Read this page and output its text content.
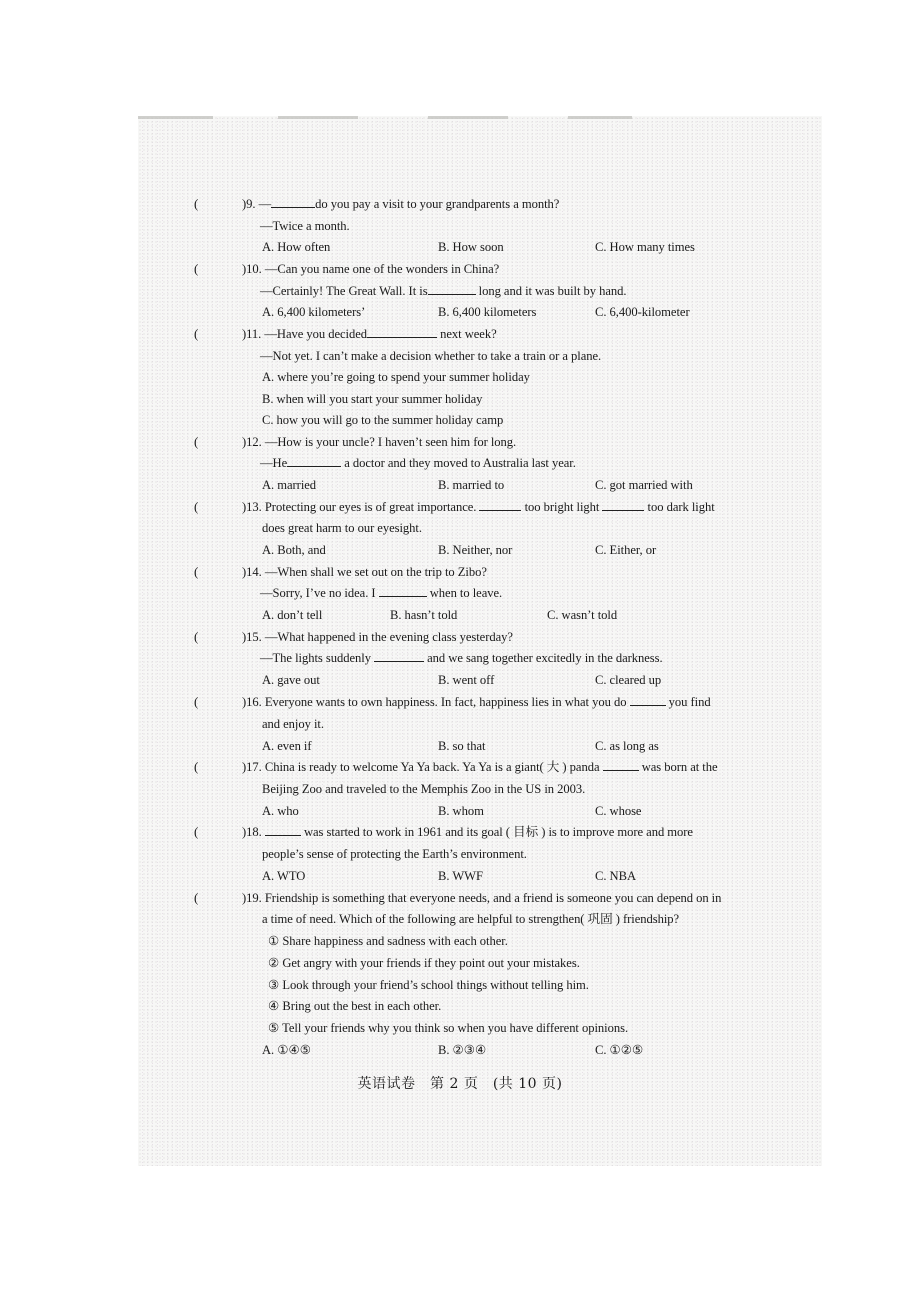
(	)9. —	do you pay a visit to your grandparents a month?
—Twice a month.
A. How often	B. How soon	C. How many times
(	)10. —Can you name one of the wonders in China?
—Certainly! The Great Wall. It is	long and it was built by hand.
A. 6,400 kilometers’	B. 6,400 kilometers	C. 6,400-kilometer
(	)11. —Have you decided	next week?
—Not yet. I can’t make a decision whether to take a train or a plane.
A. where you’re going to spend your summer holiday
B. when will you start your summer holiday
C. how you will go to the summer holiday camp
(	)12. —How is your uncle? I haven’t seen him for long.
—He	a doctor and they moved to Australia last year.
A. married	B. married to	C. got married with
(	)13. Protecting our eyes is of great importance.	too bright light	too dark light
does great harm to our eyesight.
A. Both, and	B. Neither, nor	C. Either, or
(	)14. —When shall we set out on the trip to Zibo?
—Sorry, I’ve no idea. I	when to leave.
A. don’t tell	B. hasn’t told	C. wasn’t told
(	)15. —What happened in the evening class yesterday?
—The lights suddenly	and we sang together excitedly in the darkness.
A. gave out	B. went off	C. cleared up
(	)16. Everyone wants to own happiness. In fact, happiness lies in what you do	you find
and enjoy it.
A. even if	B. so that	C. as long as
(	)17. China is ready to welcome Ya Ya back. Ya Ya is a giant( 大 ) panda	was born at the
Beijing Zoo and traveled to the Memphis Zoo in the US in 2003.
A. who	B. whom	C. whose
(	)18.	was started to work in 1961 and its goal ( 目标 ) is to improve more and more
people’s sense of protecting the Earth’s environment.
A. WTO	B. WWF	C. NBA
(	)19. Friendship is something that everyone needs, and a friend is someone you can depend on in
a time of need. Which of the following are helpful to strengthen( 巩固 ) friendship?
① Share happiness and sadness with each other.
② Get angry with your friends if they point out your mistakes.
③ Look through your friend’s school things without telling him.
④ Bring out the best in each other.
⑤ Tell your friends why you think so when you have different opinions.
A. ①④⑤	B. ②③④	C. ①②⑤
英语试卷　第 2 页　(共 10 页)
